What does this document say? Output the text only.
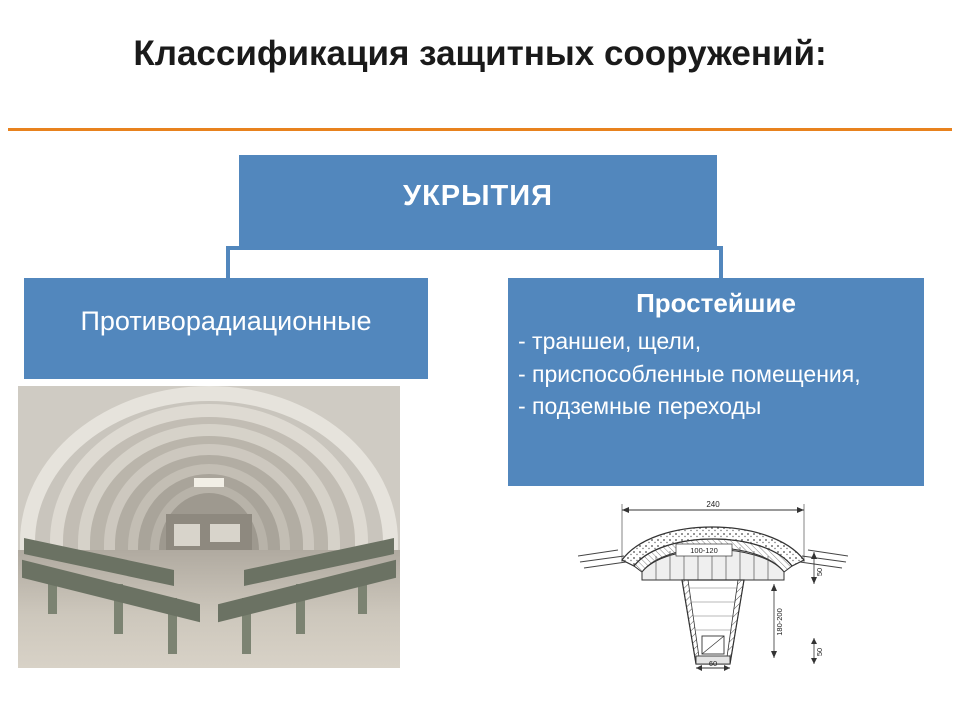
Классификация защитных сооружений:
УКРЫТИЯ
Противорадиационные
Простейшие
- траншеи, щели,
- приспособленные помещения,
- подземные переходы
240
100-120
50
180-200
50
60
